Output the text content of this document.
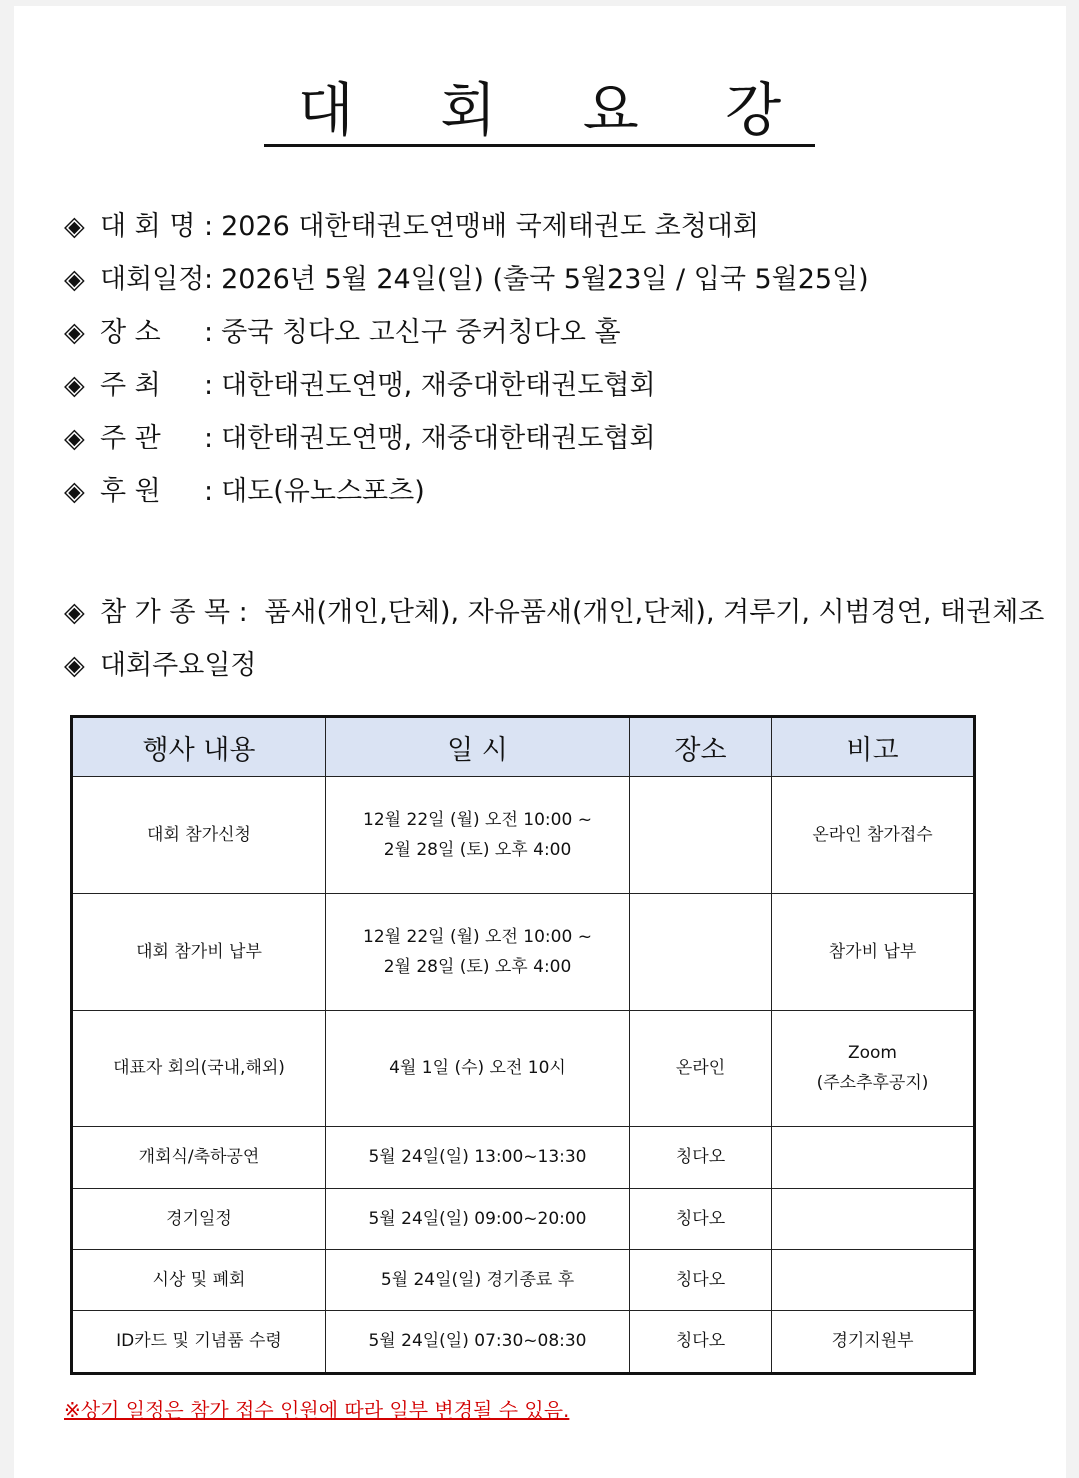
대 회 요 강
◈ 대 회 명 : 2026 대한태권도연맹배 국제태권도 초청대회
◈ 대회일정: 2026년 5월 24일(일) (출국 5월23일 / 입국 5월25일)
◈ 장 소 : 중국 칭다오 고신구 중커칭다오 홀
◈ 주 최 : 대한태권도연맹, 재중대한태권도협회
◈ 주 관 : 대한태권도연맹, 재중대한태권도협회
◈ 후 원 : 대도(유노스포츠)
◈ 참 가 종 목 : 품새(개인,단체), 자유품새(개인,단체), 겨루기, 시범경연, 태권체조
◈ 대회주요일정
행사 내용	일 시	장소	비고
대회 참가신청	12월 22일 (월) 오전 10:00 ~
2월 28일 (토) 오후 4:00		온라인 참가접수

대회 참가비 납부	12월 22일 (월) 오전 10:00 ~
2월 28일 (토) 오후 4:00		참가비 납부

대표자 회의(국내,해외)	4월 1일 (수) 오전 10시	온라인	Zoom
(주소추후공지)

개회식/축하공연	5월 24일(일) 13:00~13:30	칭다오	

경기일정	5월 24일(일) 09:00~20:00	칭다오	

시상 및 폐회	5월 24일(일) 경기종료 후	칭다오	

ID카드 및 기념품 수령	5월 24일(일) 07:30~08:30	칭다오	경기지원부
※상기 일정은 참가 접수 인원에 따라 일부 변경될 수 있음.
